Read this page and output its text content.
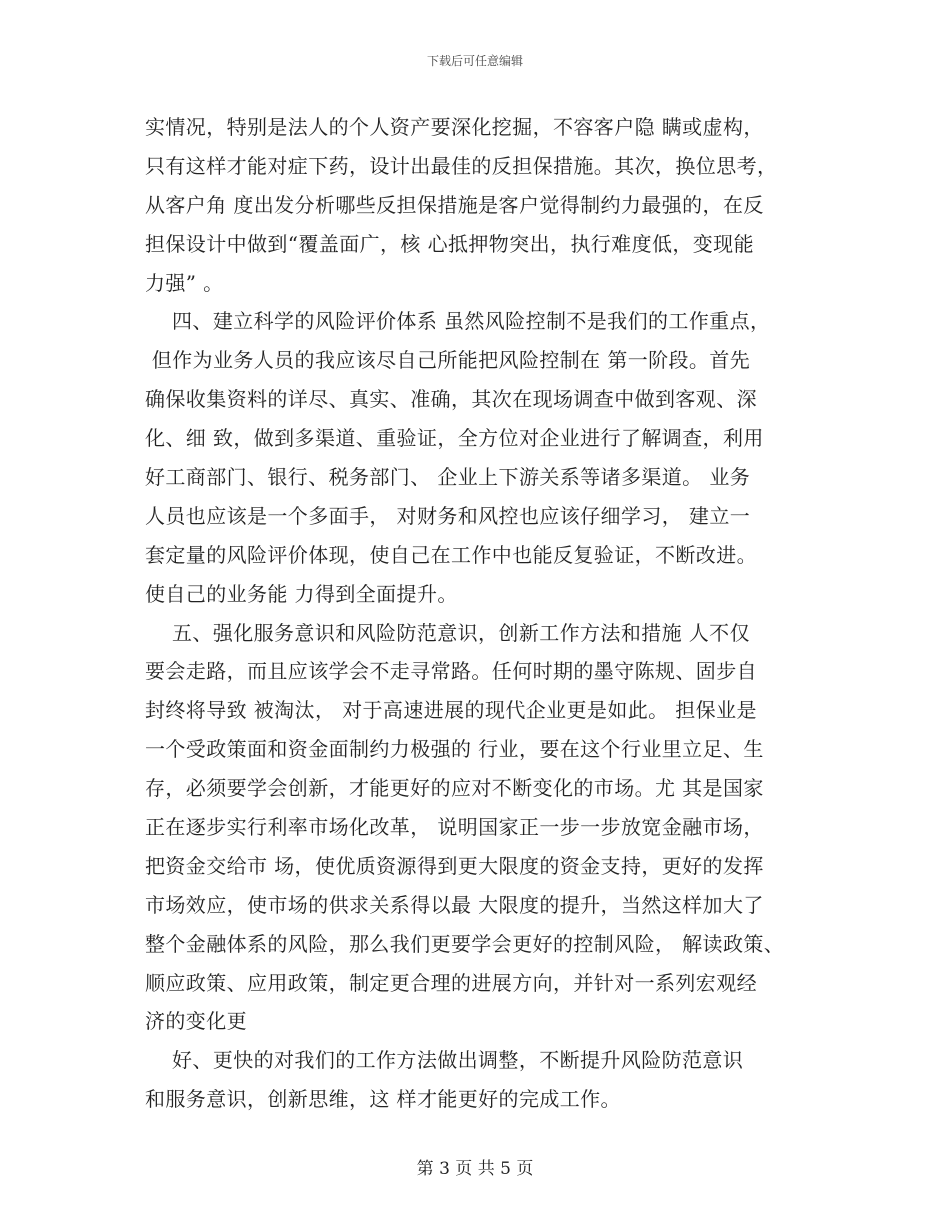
下载后可任意编辑
实情况，特别是法人的个人资产要深化挖掘，不容客户隐 瞒或虚构，
只有这样才能对症下药，设计出最佳的反担保措施。其次，换位思考，
从客户角 度出发分析哪些反担保措施是客户觉得制约力最强的，在反
担保设计中做到“覆盖面广，核 心抵押物突出，执行难度低，变现能
力强” 。
四、建立科学的风险评价体系 虽然风险控制不是我们的工作重点，
但作为业务人员的我应该尽自己所能把风险控制在 第一阶段。首先
确保收集资料的详尽、真实、准确，其次在现场调查中做到客观、深
化、细 致，做到多渠道、重验证，全方位对企业进行了解调查，利用
好工商部门、银行、税务部门、 企业上下游关系等诸多渠道。 业务
人员也应该是一个多面手， 对财务和风控也应该仔细学习， 建立一
套定量的风险评价体现，使自己在工作中也能反复验证，不断改进。
使自己的业务能 力得到全面提升。
五、强化服务意识和风险防范意识，创新工作方法和措施 人不仅
要会走路，而且应该学会不走寻常路。任何时期的墨守陈规、固步自
封终将导致 被淘汰， 对于高速进展的现代企业更是如此。 担保业是
一个受政策面和资金面制约力极强的 行业，要在这个行业里立足、生
存，必须要学会创新，才能更好的应对不断变化的市场。尤 其是国家
正在逐步实行利率市场化改革， 说明国家正一步一步放宽金融市场，
把资金交给市 场，使优质资源得到更大限度的资金支持，更好的发挥
市场效应，使市场的供求关系得以最 大限度的提升，当然这样加大了
整个金融体系的风险，那么我们更要学会更好的控制风险， 解读政策、
顺应政策、应用政策，制定更合理的进展方向，并针对一系列宏观经
济的变化更
好、更快的对我们的工作方法做出调整，不断提升风险防范意识
和服务意识，创新思维，这 样才能更好的完成工作。
第 3 页 共 5 页
